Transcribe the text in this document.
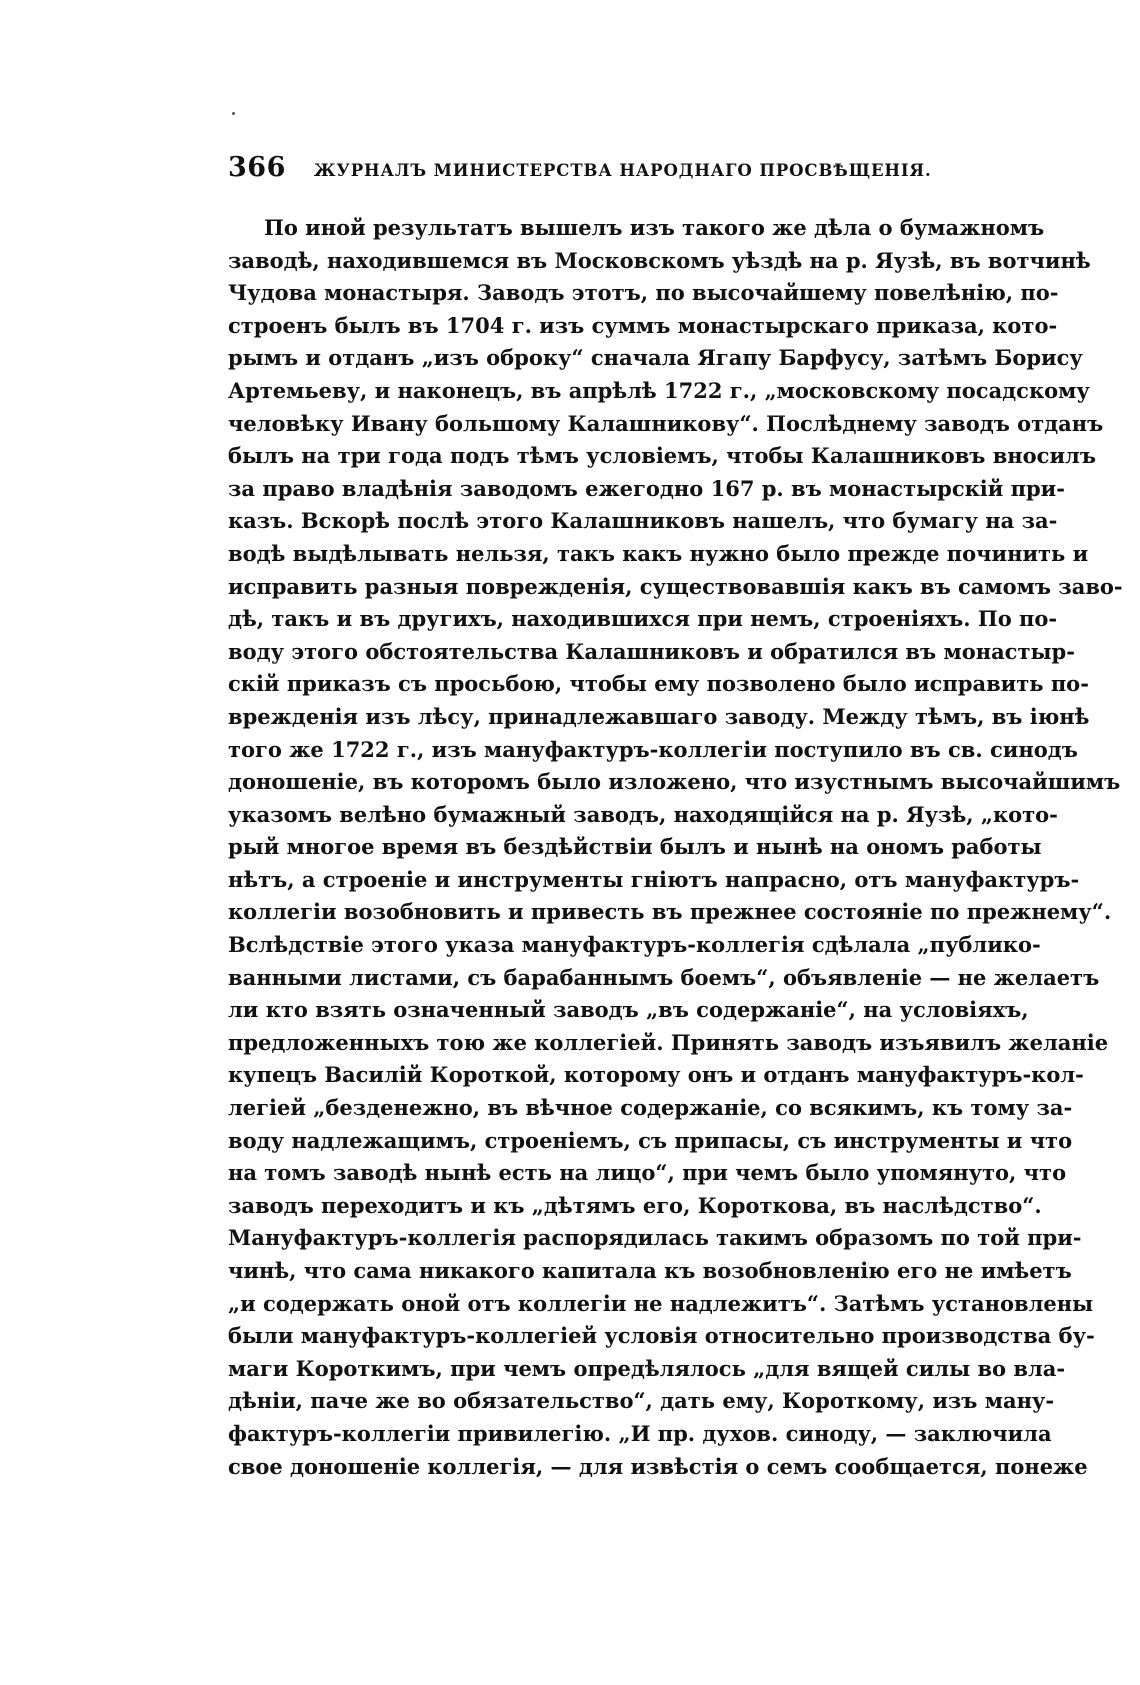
366 ЖУРНАЛЪ МИНИСТЕРСТВА НАРОДНАГО ПРОСВѢЩЕНІЯ.
По иной результатъ вышелъ изъ такого же дѣла о бумажномъ
заводѣ, находившемся въ Московскомъ уѣздѣ на р. Яузѣ, въ вотчинѣ
Чудова монастыря. Заводъ этотъ, по высочайшему повелѣнію, по-
строенъ былъ въ 1704 г. изъ суммъ монастырскаго приказа, кото-
рымъ и отданъ „изъ оброку“ сначала Ягапу Барфусу, затѣмъ Борису
Артемьеву, и наконецъ, въ апрѣлѣ 1722 г., „московскому посадскому
человѣку Ивану большому Калашникову“. Послѣднему заводъ отданъ
былъ на три года подъ тѣмъ условіемъ, чтобы Калашниковъ вносилъ
за право владѣнія заводомъ ежегодно 167 р. въ монастырскій при-
казъ. Вскорѣ послѣ этого Калашниковъ нашелъ, что бумагу на за-
водѣ выдѣлывать нельзя, такъ какъ нужно было прежде починить и
исправить разныя поврежденія, существовавшія какъ въ самомъ заво-
дѣ, такъ и въ другихъ, находившихся при немъ, строеніяхъ. По по-
воду этого обстоятельства Калашниковъ и обратился въ монастыр-
скій приказъ съ просьбою, чтобы ему позволено было исправить по-
врежденія изъ лѣсу, принадлежавшаго заводу. Между тѣмъ, въ іюнѣ
того же 1722 г., изъ мануфактуръ-коллегіи поступило въ св. синодъ
доношеніе, въ которомъ было изложено, что изустнымъ высочайшимъ
указомъ велѣно бумажный заводъ, находящійся на р. Яузѣ, „кото-
рый многое время въ бездѣйствіи былъ и нынѣ на ономъ работы
нѣтъ, а строеніе и инструменты гніютъ напрасно, отъ мануфактуръ-
коллегіи возобновить и привесть въ прежнее состояніе по прежнему“.
Вслѣдствіе этого указа мануфактуръ-коллегія сдѣлала „публико-
ванными листами, съ барабаннымъ боемъ“, объявленіе — не желаетъ
ли кто взять означенный заводъ „въ содержаніе“, на условіяхъ,
предложенныхъ тою же коллегіей. Принять заводъ изъявилъ желаніе
купецъ Василій Короткой, которому онъ и отданъ мануфактуръ-кол-
легіей „безденежно, въ вѣчное содержаніе, со всякимъ, къ тому за-
воду надлежащимъ, строеніемъ, съ припасы, съ инструменты и что
на томъ заводѣ нынѣ есть на лицо“, при чемъ было упомянуто, что
заводъ переходитъ и къ „дѣтямъ его, Короткова, въ наслѣдство“.
Мануфактуръ-коллегія распорядилась такимъ образомъ по той при-
чинѣ, что сама никакого капитала къ возобновленію его не имѣетъ
„и содержать оной отъ коллегіи не надлежитъ“. Затѣмъ установлены
были мануфактуръ-коллегіей условія относительно производства бу-
маги Короткимъ, при чемъ опредѣлялось „для вящей силы во вла-
дѣніи, паче же во обязательство“, дать ему, Короткому, изъ ману-
фактуръ-коллегіи привилегію. „И пр. духов. синоду, — заключила
свое доношеніе коллегія, — для извѣстія о семъ сообщается, понеже
